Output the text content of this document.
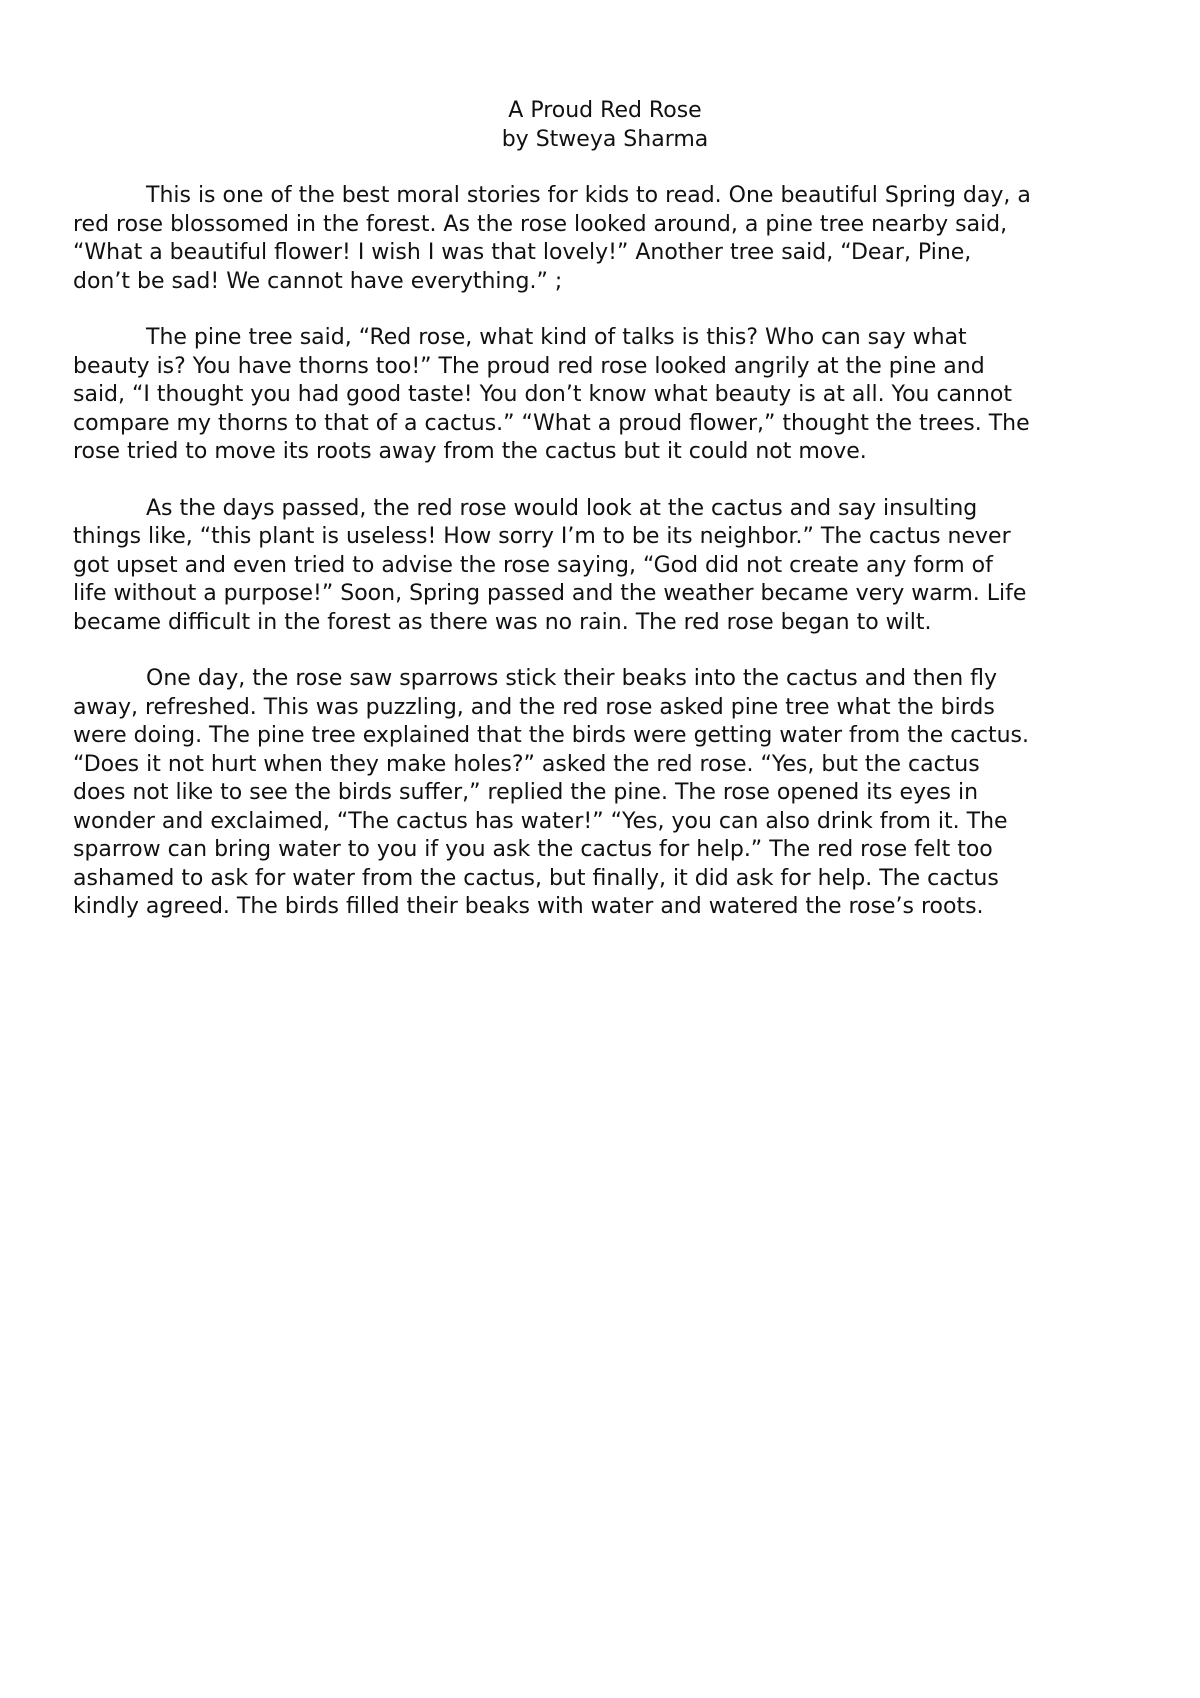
A Proud Red Rose
by Stweya Sharma
This is one of the best moral stories for kids to read. One beautiful Spring day, a
red rose blossomed in the forest. As the rose looked around, a pine tree nearby said,
“What a beautiful flower! I wish I was that lovely!” Another tree said, “Dear, Pine,
don’t be sad! We cannot have everything.” ;
The pine tree said, “Red rose, what kind of talks is this? Who can say what
beauty is? You have thorns too!” The proud red rose looked angrily at the pine and
said, “I thought you had good taste! You don’t know what beauty is at all. You cannot
compare my thorns to that of a cactus.” “What a proud flower,” thought the trees. The
rose tried to move its roots away from the cactus but it could not move.
As the days passed, the red rose would look at the cactus and say insulting
things like, “this plant is useless! How sorry I’m to be its neighbor.” The cactus never
got upset and even tried to advise the rose saying, “God did not create any form of
life without a purpose!” Soon, Spring passed and the weather became very warm. Life
became difficult in the forest as there was no rain. The red rose began to wilt.
One day, the rose saw sparrows stick their beaks into the cactus and then fly
away, refreshed. This was puzzling, and the red rose asked pine tree what the birds
were doing. The pine tree explained that the birds were getting water from the cactus.
“Does it not hurt when they make holes?” asked the red rose. “Yes, but the cactus
does not like to see the birds suffer,” replied the pine. The rose opened its eyes in
wonder and exclaimed, “The cactus has water!” “Yes, you can also drink from it. The
sparrow can bring water to you if you ask the cactus for help.” The red rose felt too
ashamed to ask for water from the cactus, but finally, it did ask for help. The cactus
kindly agreed. The birds filled their beaks with water and watered the rose’s roots.
